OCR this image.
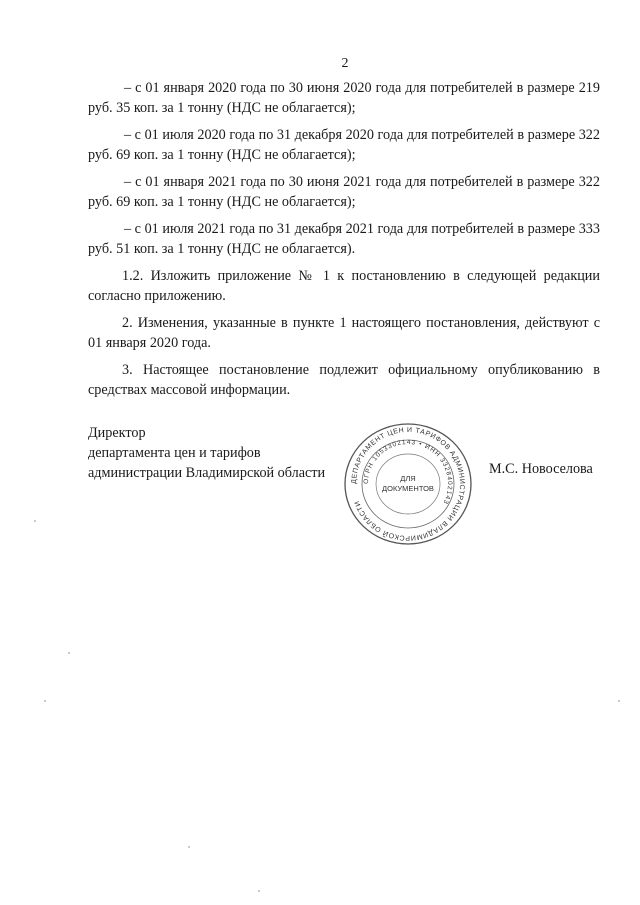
2

– с 01 января 2020 года по 30 июня 2020 года для потребителей в размере 219 руб. 35 коп. за 1 тонну (НДС не облагается);

– с 01 июля 2020 года по 31 декабря 2020 года для потребителей в размере 322 руб. 69 коп. за 1 тонну (НДС не облагается);

– с 01 января 2021 года по 30 июня 2021 года для потребителей в размере 322 руб. 69 коп. за 1 тонну (НДС не облагается);

– с 01 июля 2021 года по 31 декабря 2021 года для потребителей в размере 333 руб. 51 коп. за 1 тонну (НДС не облагается).

1.2. Изложить приложение № 1 к постановлению в следующей редакции согласно приложению.

2. Изменения, указанные в пункте 1 настоящего постановления, действуют с 01 января 2020 года.

3. Настоящее постановление подлежит официальному опубликованию в средствах массовой информации.

Директор
департамента цен и тарифов
администрации Владимирской области
ДЕПАРТАМЕНТ ЦЕН И ТАРИФОВ АДМИНИСТРАЦИИ ВЛАДИМИРСКОЙ ОБЛАСТИ
ОГРН 1053302143 • ИНН 3328402143
ДЛЯ
ДОКУМЕНТОВ
М.С. Новоселова
